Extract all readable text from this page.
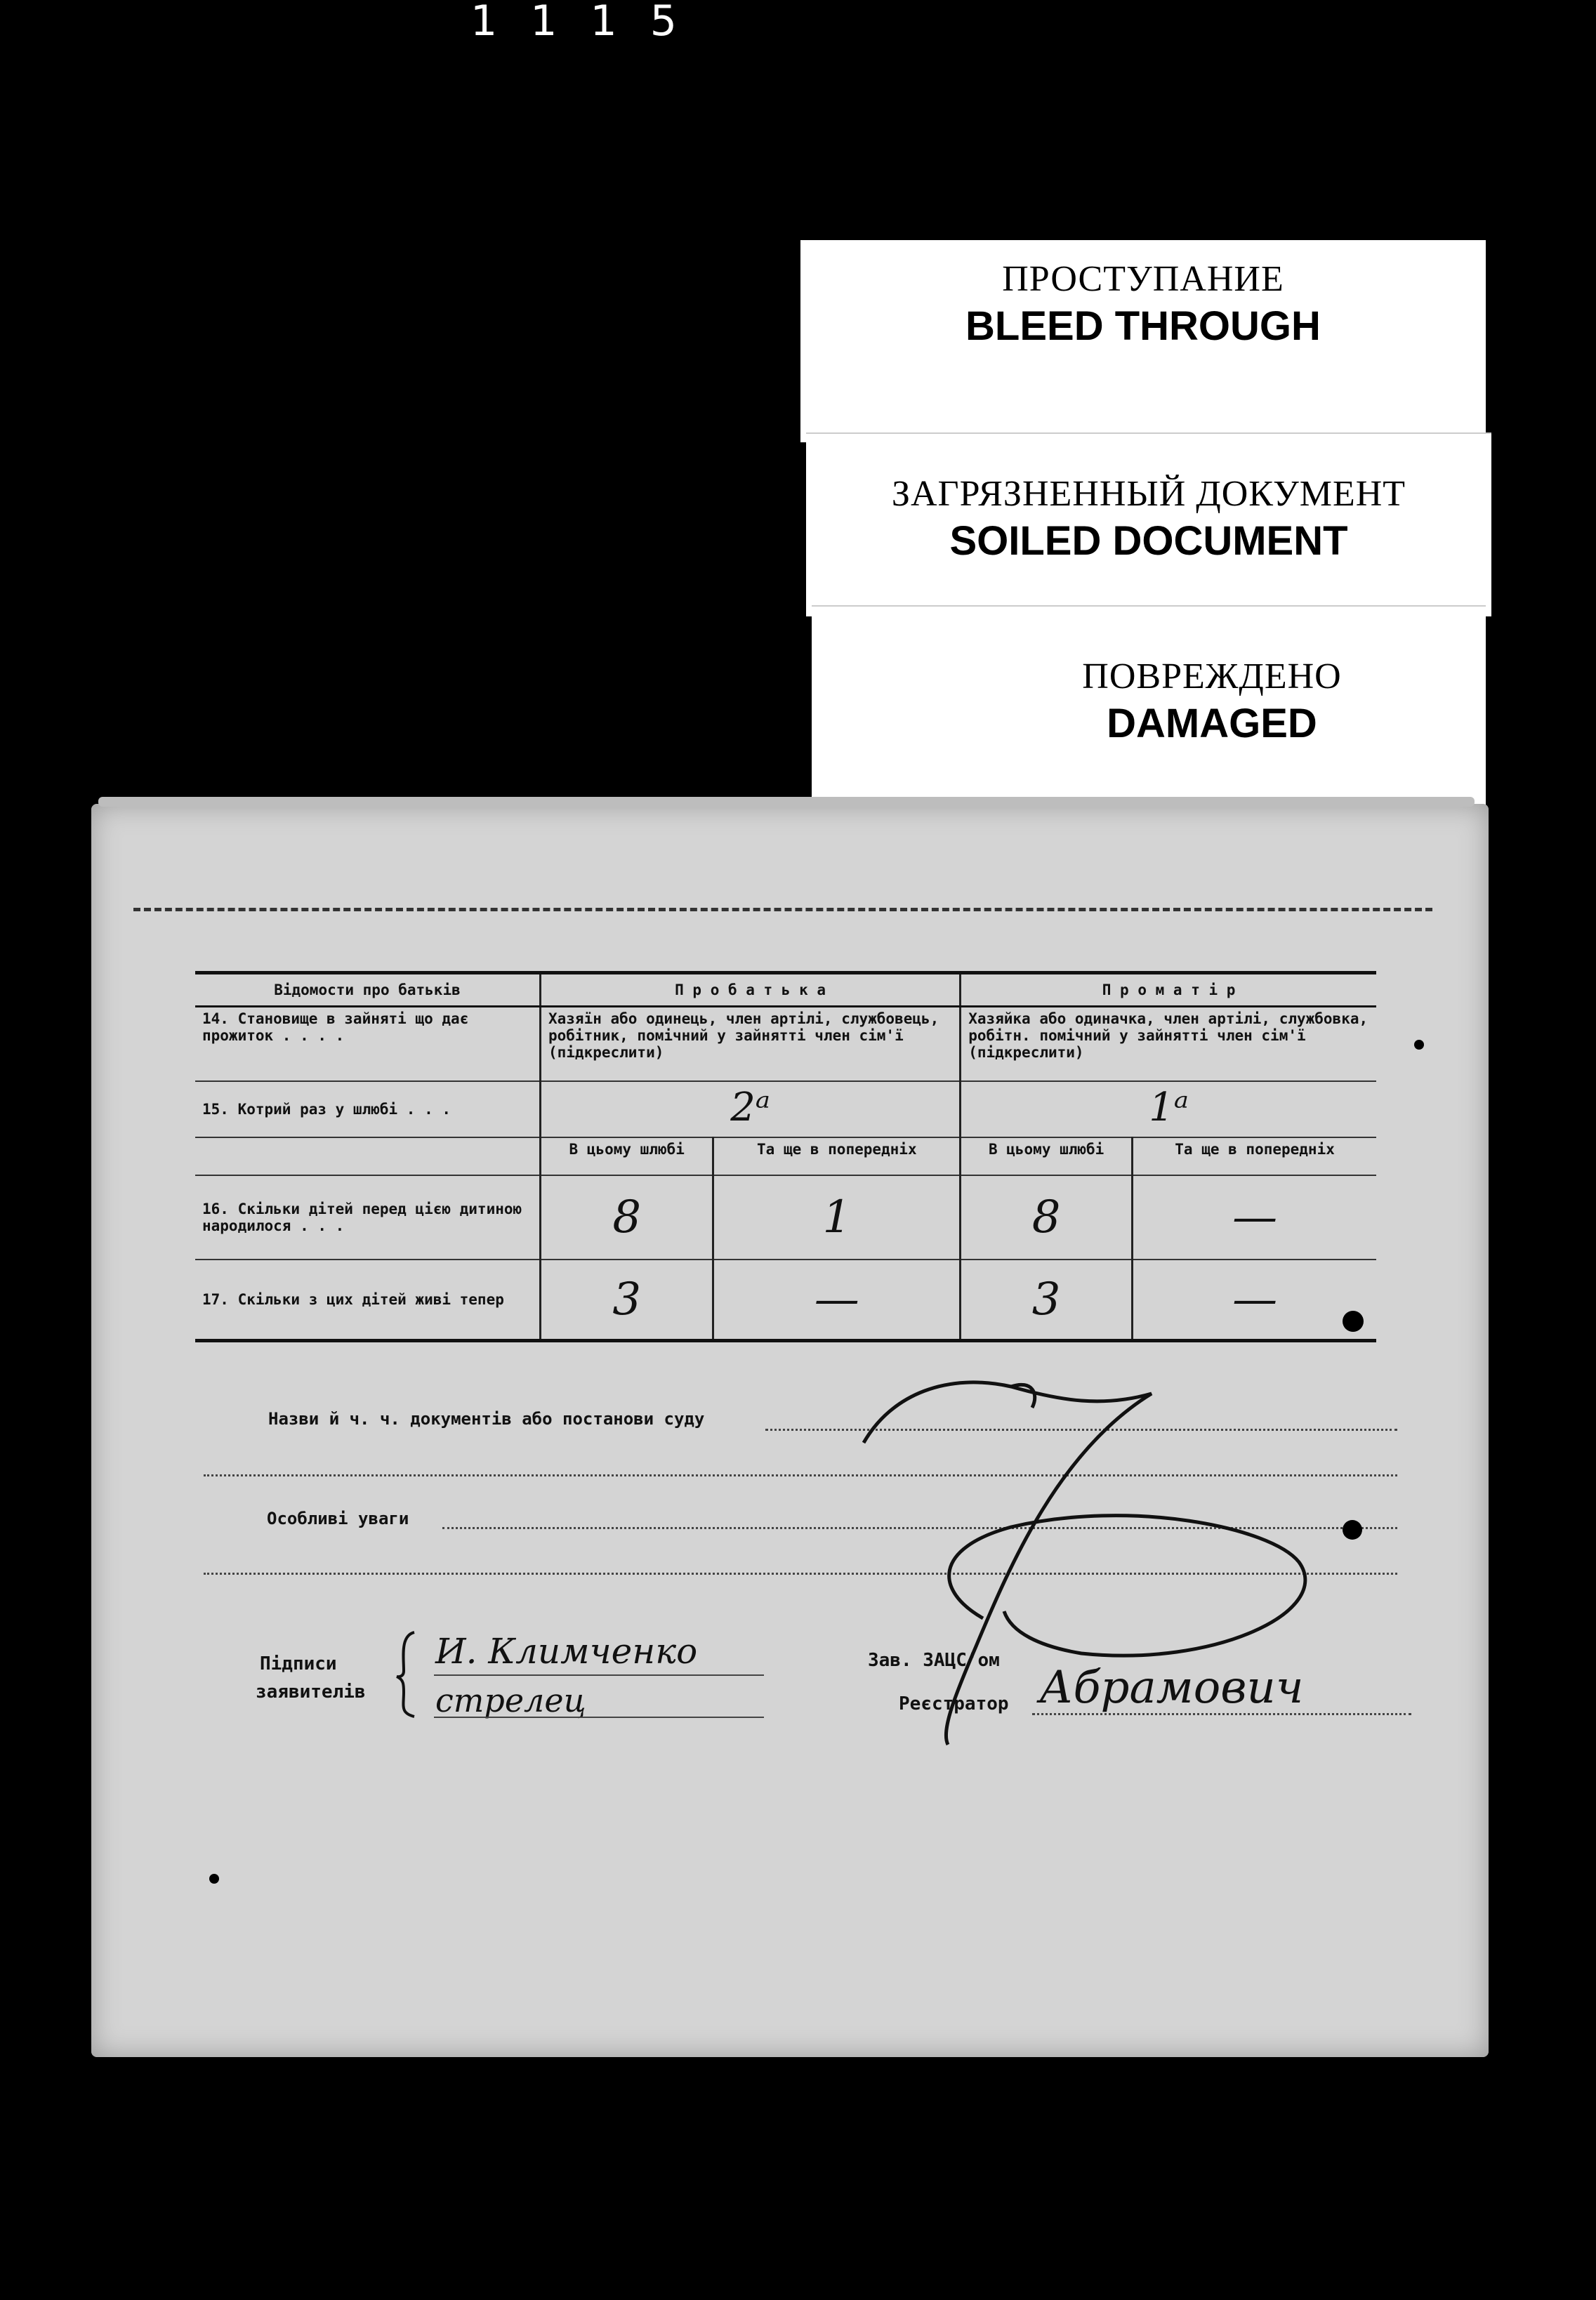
1 1 1 5
ПРОСТУПАНИЕ
BLEED THROUGH
ЗАГРЯЗНЕННЫЙ ДОКУМЕНТ
SOILED DOCUMENT
ПОВРЕЖДЕНО
DAMAGED
Відомости про батьків	П р о б а т ь к а		П р о м а т і р	
14. Становище в зайняті що дає прожиток . . . .	Хазяїн або одинець, член артілі, службовець, робітник, помічний у зайнятті член сім'ї (підкреслити)		Хазяйка або одиначка, член артілі, службовка, робітн. помічний у зайнятті член сім'ї (підкреслити)	
15. Котрий раз у шлюбі . . .	2ᵃ		1ᵃ	
	В цьому шлюбі	Та ще в попередніх	В цьому шлюбі	Та ще в попередніх
16. Скільки дітей перед цією дитиною народилося . . .	8	1	8	—
17. Скільки з цих дітей живі тепер	3	—	3	—
Назви й ч. ч. документів або постанови суду
Особливі уваги
Підписи
заявителів
И. Климченко
стрелец
Зав. ЗАЦС'ом
Реєстратор Абрамович
